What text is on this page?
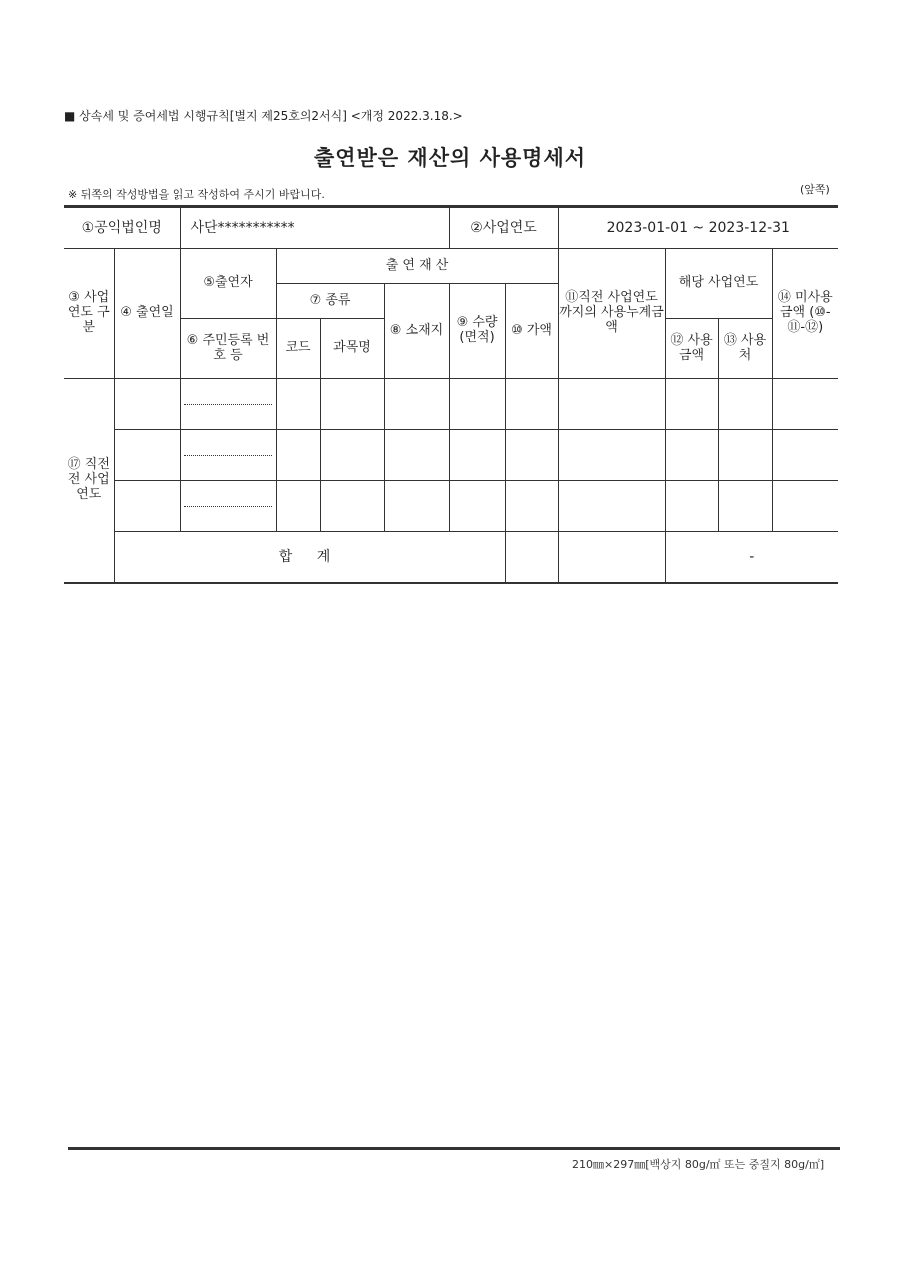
■ 상속세 및 증여세법 시행규칙[별지 제25호의2서식] <개정 2022.3.18.>
출연받은 재산의 사용명세서
※ 뒤쪽의 작성방법을 읽고 작성하여 주시기 바랍니다.	(앞쪽)
①공익법인명		사단***********				②사업연도		2023-01-01 ~ 2023-12-31			
③ 사업 연도 구분	④ 출연일	⑤출연자	출 연 재 산					⑪직전 사업연도 까지의 사용누계금액	해당 사업연도		⑭ 미사용 금액 (⑩-⑪-⑫)
			⑦ 종류		⑧ 소재지	⑨ 수량 (면적)	⑩ 가액				
		⑥ 주민등록 번호 등	코드	과목명					⑫ 사용 금액	⑬ 사용처	
⑰ 직전전 사업 연도		

	합 계								-		
210㎜×297㎜[백상지 80g/㎡ 또는 중질지 80g/㎡]
